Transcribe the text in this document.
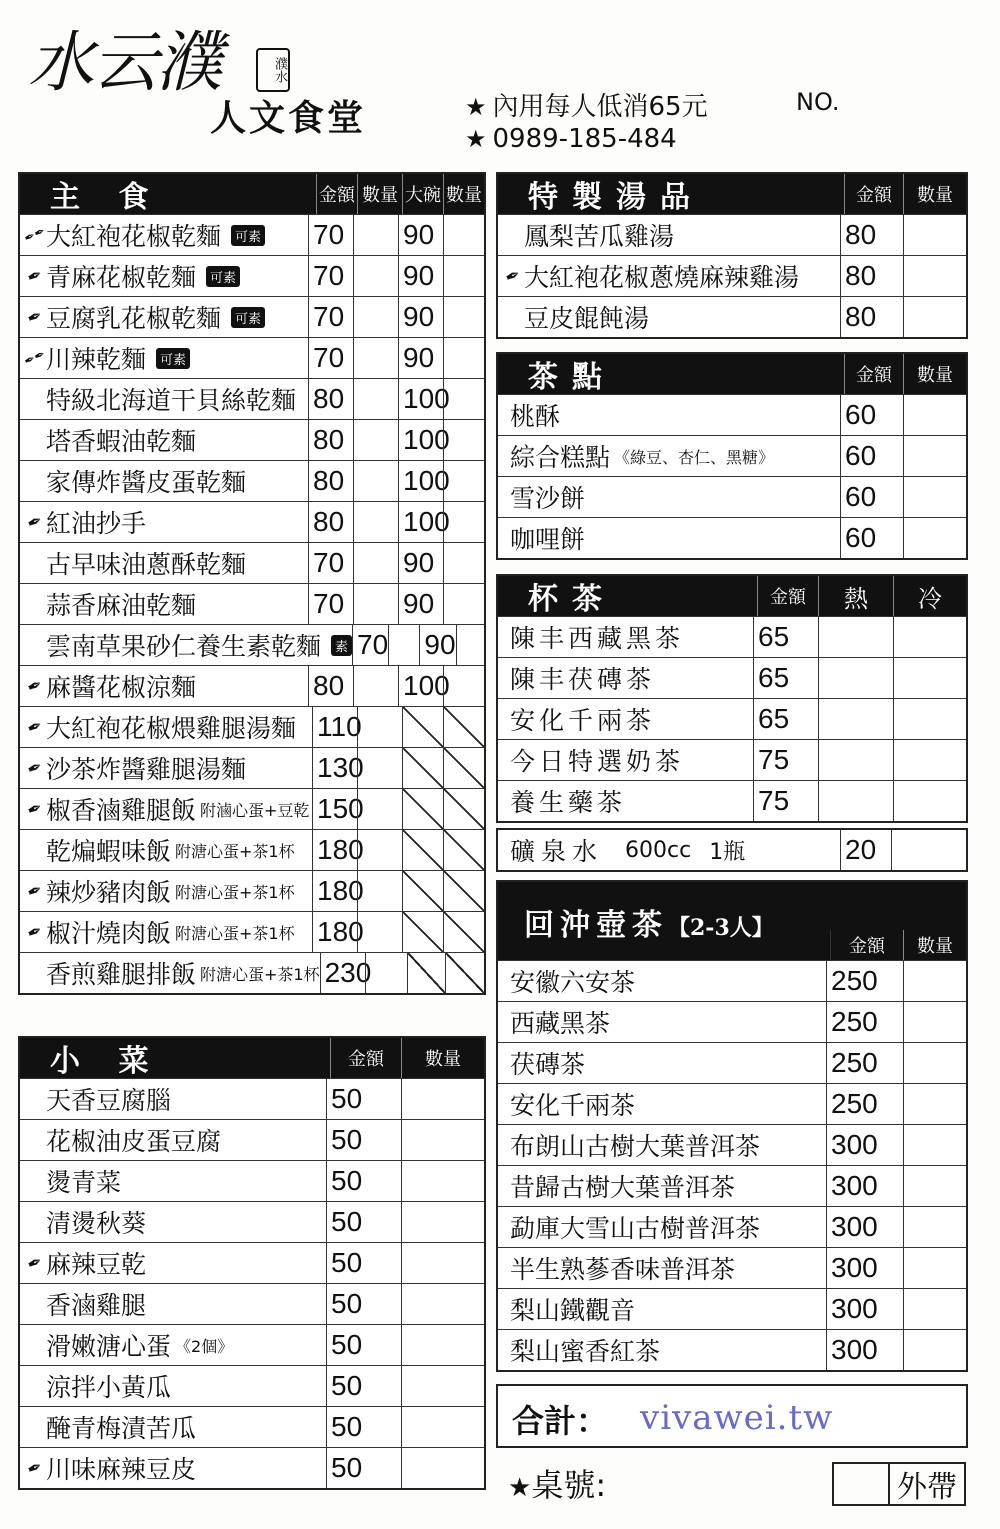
水云濮	濮水
人文食堂	★ 內用每人低消65元
★ 0989-185-484
NO.
主 食	金額 數量 大碗 數量
✒✒
大紅袍花椒乾麵	可素 70	90
✒ 青麻花椒乾麵	可素	70	90
✒ 豆腐乳花椒乾麵	可素 70	90
✒✒
川辣乾麵	可素	70	90
特級北海道干貝絲乾麵 80	100
塔香蝦油乾麵	80	100
家傳炸醬皮蛋乾麵 80	100
✒ 紅油抄手	80	100
古早味油蔥酥乾麵 70	90
蒜香麻油乾麵	70	90
雲南草果砂仁養生素乾麵	素 70 90
✒ 麻醬花椒涼麵	80	100
✒ 大紅袍花椒煨雞腿湯麵 110
✒ 沙茶炸醬雞腿湯麵	130
✒ 椒香滷雞腿飯 附滷心蛋+豆乾 150
乾煸蝦味飯 附溏心蛋+茶1杯 180
✒ 辣炒豬肉飯 附溏心蛋+茶1杯 180
✒ 椒汁燒肉飯 附溏心蛋+茶1杯 180
香煎雞腿排飯 附溏心蛋+茶1杯 230
小 菜	金額	數量
天香豆腐腦	50
花椒油皮蛋豆腐	50
燙青菜	50
清燙秋葵	50
✒ 麻辣豆乾	50
香滷雞腿	50
滑嫩溏心蛋 《2個》	50
涼拌小黃瓜	50
醃青梅漬苦瓜	50
✒ 川味麻辣豆皮	50
特製湯品	金額	數量
鳳梨苦瓜雞湯	80
✒ 大紅袍花椒蔥燒麻辣雞湯 80
豆皮餛飩湯	80
茶點	金額	數量
桃酥	60
綜合糕點 《綠豆、杏仁、黑糖》	60
雪沙餅	60
咖哩餅	60
杯茶	金額	熱	冷
陳丰西藏黑茶	65
陳丰茯磚茶	65
安化千兩茶	65
今日特選奶茶	75
養生藥茶	75
礦泉水 600cc 1瓶	20
回沖壺茶【2-3人】
金額	數量
安徽六安茶	250
西藏黑茶	250
茯磚茶	250
安化千兩茶	250
布朗山古樹大葉普洱茶	300
昔歸古樹大葉普洱茶	300
勐庫大雪山古樹普洱茶	300
半生熟蔘香味普洱茶	300
梨山鐵觀音	300
梨山蜜香紅茶	300
合計： vivawei.tw
★桌號:	外帶
